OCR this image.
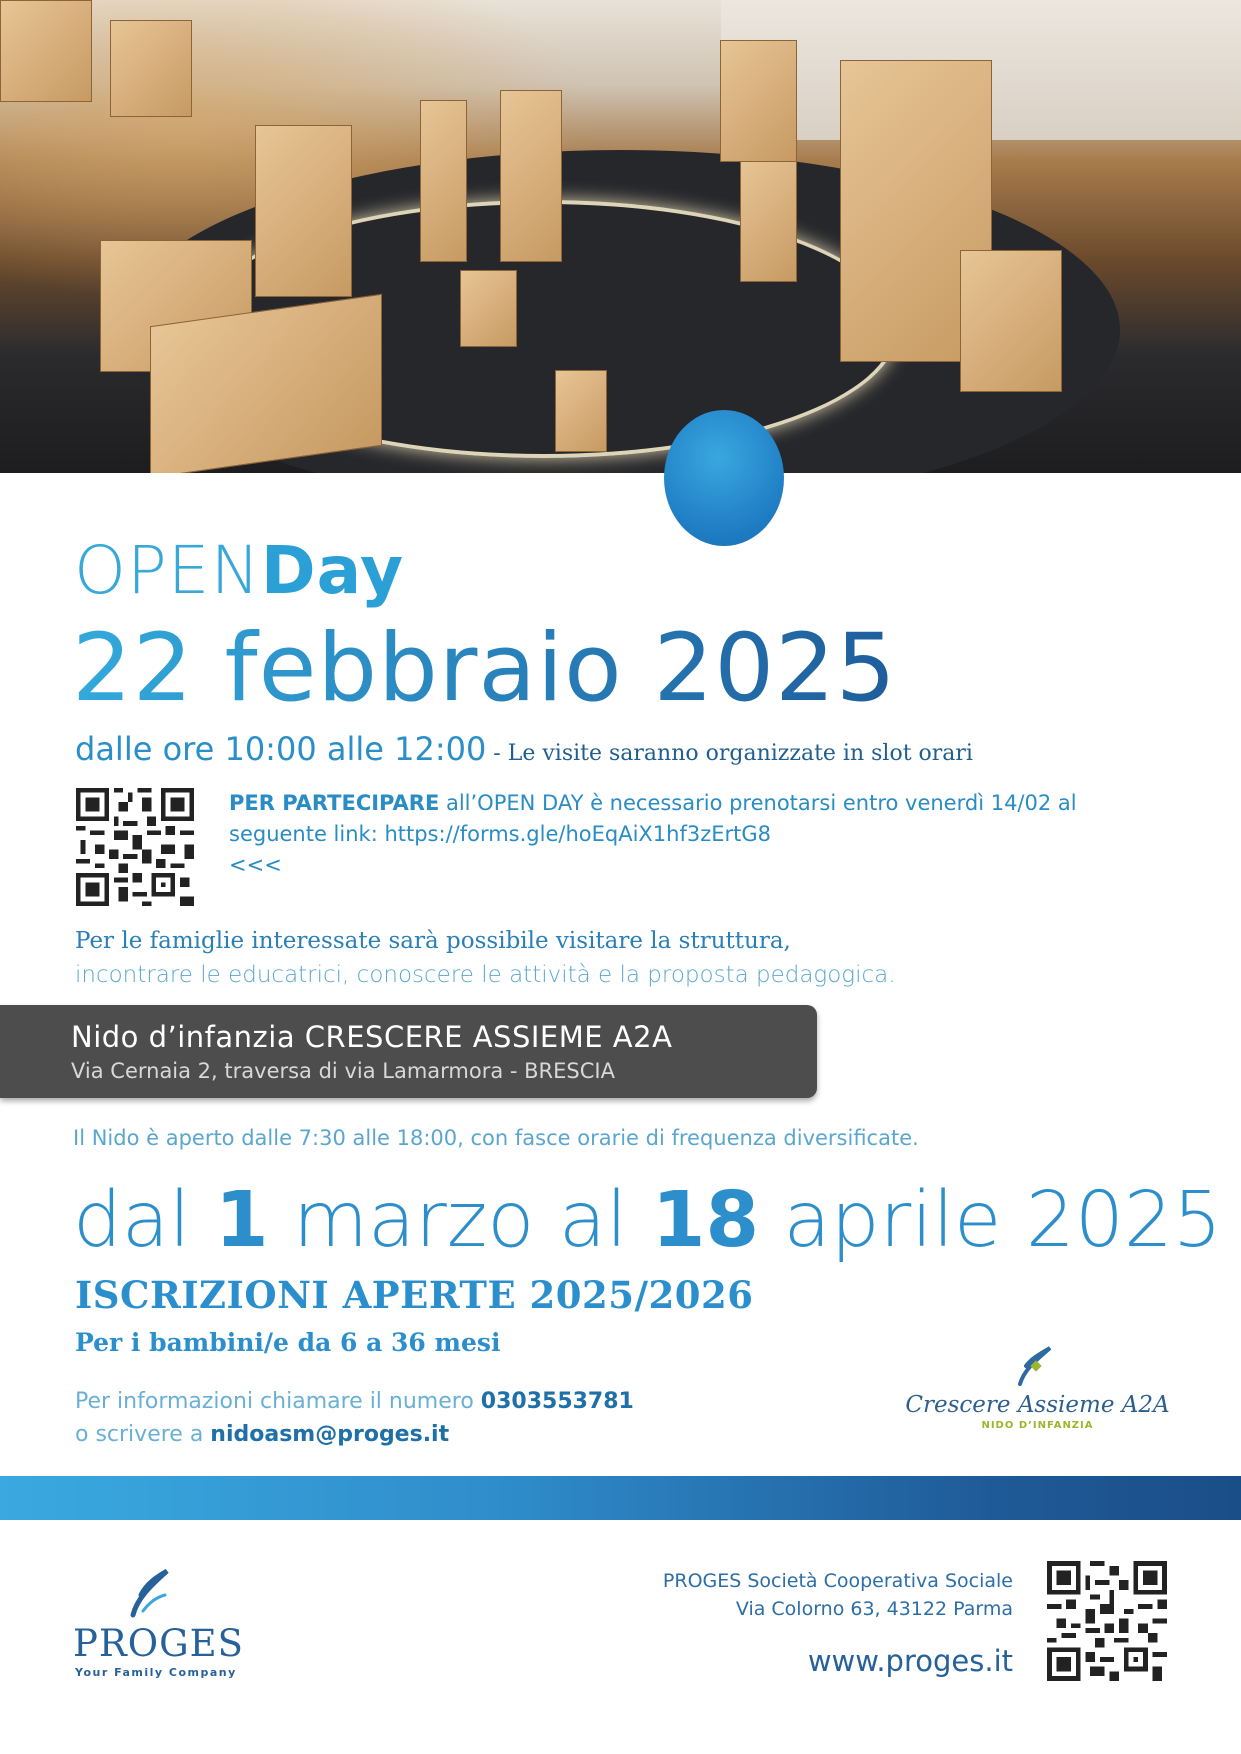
OPENDay
22 febbraio 2025
dalle ore 10:00 alle 12:00 - Le visite saranno organizzate in slot orari
PER PARTECIPARE all’OPEN DAY è necessario prenotarsi entro venerdì 14/02 al seguente link: https://forms.gle/hoEqAiX1hf3zErtG8
<<<
Per le famiglie interessate sarà possibile visitare la struttura,
incontrare le educatrici, conoscere le attività e la proposta pedagogica.
Nido d’infanzia CRESCERE ASSIEME A2A
Via Cernaia 2, traversa di via Lamarmora - BRESCIA
Il Nido è aperto dalle 7:30 alle 18:00, con fasce orarie di frequenza diversificate.
dal 1 marzo al 18 aprile 2025
ISCRIZIONI APERTE 2025/2026
Per i bambini/e da 6 a 36 mesi
Per informazioni chiamare il numero 0303553781
o scrivere a nidoasm@proges.it
Crescere Assieme A2A
NIDO D’INFANZIA
PROGES
Your Family Company
PROGES Società Cooperativa Sociale
Via Colorno 63, 43122 Parma
www.proges.it
